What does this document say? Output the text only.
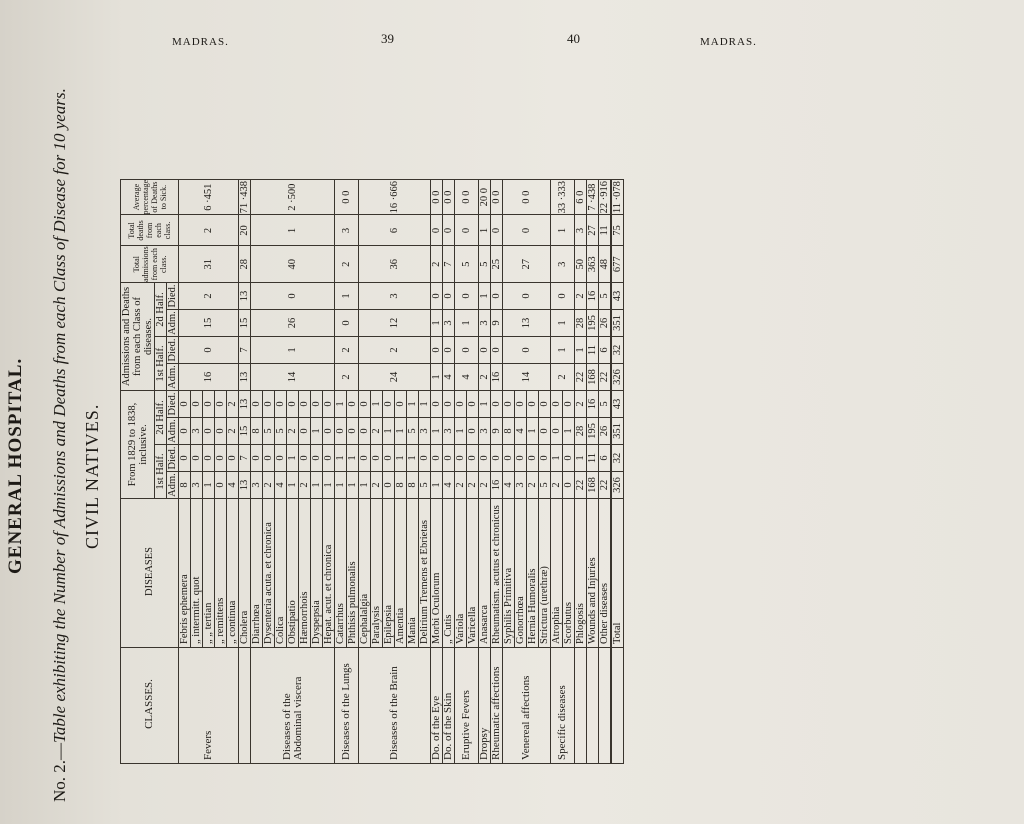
GENERAL HOSPITAL.
No. 2.—Table exhibiting the Number of Admissions and Deaths from each Class of Disease for 10 years. CIVIL NATIVES.
CLASSES.	DISEASES	From 1829 to 1838, inclusive.				Admissions and Deaths from each Class of diseases.				Total admissions from each class.	Total deaths from each class.	Average percentage of Deaths to Sick.
		1st Half.		2d Half.		1st Half.		2d Half.				
		Adm.	Died.	Adm.	Died.	Adm.	Died.	Adm.	Died.			
Fevers	Febris ephemera	8	0	0	0	16	0	15	2	31	2	6 ·451
	„ intermitt. quot	3	0	3	0							
	„ „ tertian	1	0	0	0							
	„ remittens	0	0	0	0							
	„ continua	4	0	2	2							
	Cholera	13	7	15	13	13	7	15	13	28	20	71 ·438
Diseases of the Abdominal viscera	Diarrhœa	3	0	8	0	14	1	26	0	40	1	2 ·500
	Dysenteria acuta. et chronica	2	0	5	0							
	Colica	4	0	5	0							
	Obstipatio	1	1	2	0							
	Hæmorrhois	2	0	0	0							
	Dyspepsia	1	0	1	0							
	Hepat. acut. et chronica	1	0	0	0							
Diseases of the Lungs	Catarrhus	1	1	0	1	2	2	0	1	2	3	0 0
	Phthisis pulmonalis	1	1	0	0							
Diseases of the Brain	Cephalalgia	1	0	0	0	24	2	12	3	36	6	16 ·666
	Paralysis	2	0	2	1							
	Epilepsia	0	0	1	0							
	Amentia	8	1	1	0							
	Mania	8	1	5	1							
	Delirium Tremens et Ebrietas	5	0	3	1							
Do. of the Eye	Morbi Oculorum	1	0	1	0	1	0	1	0	2	0	0 0
Do. of the Skin	„ Cutis	4	0	3	0	4	0	3	0	7	0	0 0
Eruptive Fevers	Variola	2	0	1	0	4	0	1	0	5	0	0 0
	Varicella	2	0	0	0							
Dropsy	Anasarca	2	0	3	1	2	0	3	1	5	1	20 0
Rheumatic affections	Rheumatism. acutus et chronicus	16	0	9	0	16	0	9	0	25	0	0 0
Venereal affections	Syphilis Primitiva	4	0	8	0	14	0	13	0	27	0	0 0
	Gonorrhœa	3	0	4	0							
	Hernia Humoralis	2	0	1	0							
	Strictura (urethræ)	5	0	0	0							
Specific diseases	Atrophia	2	1	0	0	2	1	1	0	3	1	33 ·333
	Scorbutus	0	0	1	0							
	Phlogosis	22	1	28	2	22	1	28	2	50	3	6 0
	Wounds and Injuries	168	11	195	16	168	11	195	16	363	27	7 ·438
	Other diseases	22	6	26	5	22	6	26	5	48	11	22 ·916
	Total	326	32	351	43	326	32	351	43	677	75	11 ·078
MADRAS.	MADRAS.
39	40
